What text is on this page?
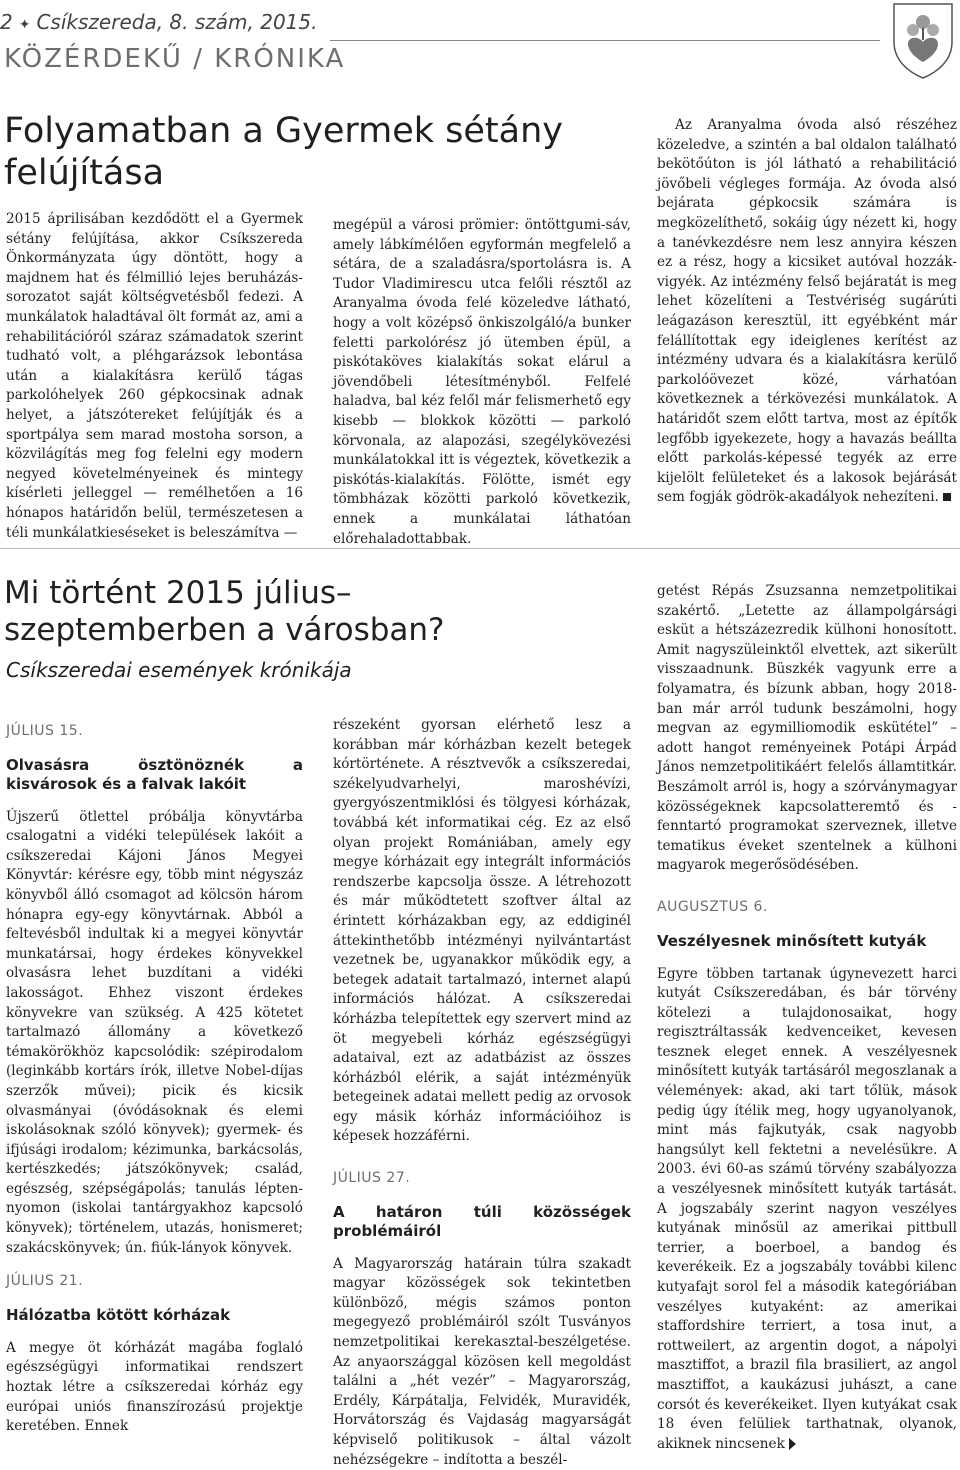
2 ✦ Csíkszereda, 8. szám, 2015.
KÖZÉRDEKŰ / KRÓNIKA
Folyamatban a Gyermek sétány felújítása

2015 áprilisában kezdődött el a Gyermek sétány felújítása, akkor Csíkszereda Önkormányzata úgy döntött, hogy a majdnem hat és félmillió lejes beruházás-sorozatot saját költségvetésből fedezi. A munkálatok haladtával ölt formát az, ami a rehabilitációról száraz számadatok szerint tudható volt, a pléhgarázsok lebontása után a kialakításra kerülő tágas parkolóhelyek 260 gépkocsinak adnak helyet, a játszótereket felújítják és a sportpálya sem marad mostoha sorson, a közvilágítás meg fog felelni egy modern negyed követelményeinek és mintegy kísérleti jelleggel — remélhetően a 16 hónapos határidőn belül, természetesen a téli munkálatkieséseket is beleszámítva —

megépül a városi prömier: öntöttgumi-sáv, amely lábkímélően egyformán megfelelő a sétára, de a szaladásra/sportolásra is. A Tudor Vladimirescu utca felőli résztől az Aranyalma óvoda felé közeledve látható, hogy a volt középső önkiszolgáló/a bunker feletti parkolórész jó ütemben épül, a piskótaköves kialakítás sokat elárul a jövendőbeli létesítményből. Felfelé haladva, bal kéz felől már felismerhető egy kisebb — blokkok közötti — parkoló körvonala, az alapozási, szegélykövezési munkálatokkal itt is végeztek, következik a piskótás-kialakítás. Fölötte, ismét egy tömbházak közötti parkoló következik, ennek a munkálatai láthatóan előrehaladottabbak.

Az Aranyalma óvoda alsó részéhez közeledve, a szintén a bal oldalon található bekötőúton is jól látható a rehabilitáció jövőbeli végleges formája. Az óvoda alsó bejárata gépkocsik számára is megközelíthető, sokáig úgy nézett ki, hogy a tanévkezdésre nem lesz annyira készen ez a rész, hogy a kicsiket autóval hozzák-vigyék. Az intézmény felső bejáratát is meg lehet közelíteni a Testvériség sugárúti leágazáson keresztül, itt egyébként már felállítottak egy ideiglenes kerítést az intézmény udvara és a kialakításra kerülő parkolóövezet közé, várhatóan következnek a térkövezési munkálatok. A határidőt szem előtt tartva, most az építők legfőbb igyekezete, hogy a havazás beállta előtt parkolás-képessé tegyék az erre kijelölt felületeket és a lakosok bejárását sem fogják gödrök-akadályok nehezíteni.

Mi történt 2015 július–szeptemberben a városban?
Csíkszeredai események krónikája
JÚLIUS 15.
Olvasásra ösztönöznék a kisvárosok és a falvak lakóit

Újszerű ötlettel próbálja könyvtárba csalogatni a vidéki települések lakóit a csíkszeredai Kájoni János Megyei Könyvtár: kérésre egy, több mint négyszáz könyvből álló csomagot ad kölcsön három hónapra egy-egy könyvtárnak. Abból a feltevésből indultak ki a megyei könyvtár munkatársai, hogy érdekes könyvekkel olvasásra lehet buzdítani a vidéki lakosságot. Ehhez viszont érdekes könyvekre van szükség. A 425 kötetet tartalmazó állomány a következő témakörökhöz kapcsolódik: szépirodalom (leginkább kortárs írók, illetve Nobel-díjas szerzők művei); picik és kicsik olvasmányai (óvódásoknak és elemi iskolásoknak szóló könyvek); gyermek- és ifjúsági irodalom; kézimunka, barkácsolás, kertészkedés; játszókönyvek; család, egészség, szépségápolás; tanulás lépten-nyomon (iskolai tantárgyakhoz kapcsoló könyvek); történelem, utazás, honismeret; szakácskönyvek; ún. fiúk-lányok könyvek.

JÚLIUS 21.
Hálózatba kötött kórházak

A megye öt kórházát magába foglaló egészségügyi informatikai rendszert hoztak létre a csíkszeredai kórház egy európai uniós finanszírozású projektje keretében. Ennek

részeként gyorsan elérhető lesz a korábban már kórházban kezelt betegek kórtörténete. A résztvevők a csíkszeredai, székelyudvarhelyi, maroshévízi, gyergyószentmiklósi és tölgyesi kórházak, továbbá két informatikai cég. Ez az első olyan projekt Romániában, amely egy megye kórházait egy integrált információs rendszerbe kapcsolja össze. A létrehozott és már működtetett szoftver által az érintett kórházakban egy, az eddiginél áttekinthetőbb intézményi nyilvántartást vezetnek be, ugyanakkor működik egy, a betegek adatait tartalmazó, internet alapú információs hálózat. A csíkszeredai kórházba telepítettek egy szervert mind az öt megyebeli kórház egészségügyi adataival, ezt az adatbázist az összes kórházból elérik, a saját intézményük betegeinek adatai mellett pedig az orvosok egy másik kórház információihoz is képesek hozzáférni.

JÚLIUS 27.
A határon túli közösségek problémáiról

A Magyarország határain túlra szakadt magyar közösségek sok tekintetben különböző, mégis számos ponton megegyező problémáiról szólt Tusványos nemzetpolitikai kerekasztal-beszélgetése. Az anyaországgal közösen kell megoldást találni a „hét vezér” – Magyarország, Erdély, Kárpátalja, Felvidék, Muravidék, Horvátország és Vajdaság magyarságát képviselő politikusok – által vázolt nehézségekre – indította a beszél-

getést Répás Zsuzsanna nemzetpolitikai szakértő. „Letette az állampolgársági esküt a hétszázezredik külhoni honosított. Amit nagyszüleinktől elvettek, azt sikerült visszaadnunk. Büszkék vagyunk erre a folyamatra, és bízunk abban, hogy 2018-ban már arról tudunk beszámolni, hogy megvan az egymilliomodik eskütétel” – adott hangot reményeinek Potápi Árpád János nemzetpolitikáért felelős államtitkár. Beszámolt arról is, hogy a szórványmagyar közösségeknek kapcsolatteremtő és -fenntartó programokat szerveznek, illetve tematikus éveket szentelnek a külhoni magyarok megerősödésében.

AUGUSZTUS 6.
Veszélyesnek minősített kutyák

Egyre többen tartanak úgynevezett harci kutyát Csíkszeredában, és bár törvény kötelezi a tulajdonosaikat, hogy regisztráltassák kedvenceiket, kevesen tesznek eleget ennek. A veszélyesnek minősített kutyák tartásáról megoszlanak a vélemények: akad, aki tart tőlük, mások pedig úgy ítélik meg, hogy ugyanolyanok, mint más fajkutyák, csak nagyobb hangsúlyt kell fektetni a nevelésükre. A 2003. évi 60-as számú törvény szabályozza a veszélyesnek minősített kutyák tartását. A jogszabály szerint nagyon veszélyes kutyának minősül az amerikai pittbull terrier, a boerboel, a bandog és keverékeik. Ez a jogszabály további kilenc kutyafajt sorol fel a második kategóriában veszélyes kutyaként: az amerikai staffordshire terriert, a tosa inut, a rottweilert, az argentin dogot, a nápolyi masztiffot, a brazil fila brasiliert, az angol masztiffot, a kaukázusi juhászt, a cane corsót és keverékeiket. Ilyen kutyákat csak 18 éven felüliek tarthatnak, olyanok, akiknek nincsenek
